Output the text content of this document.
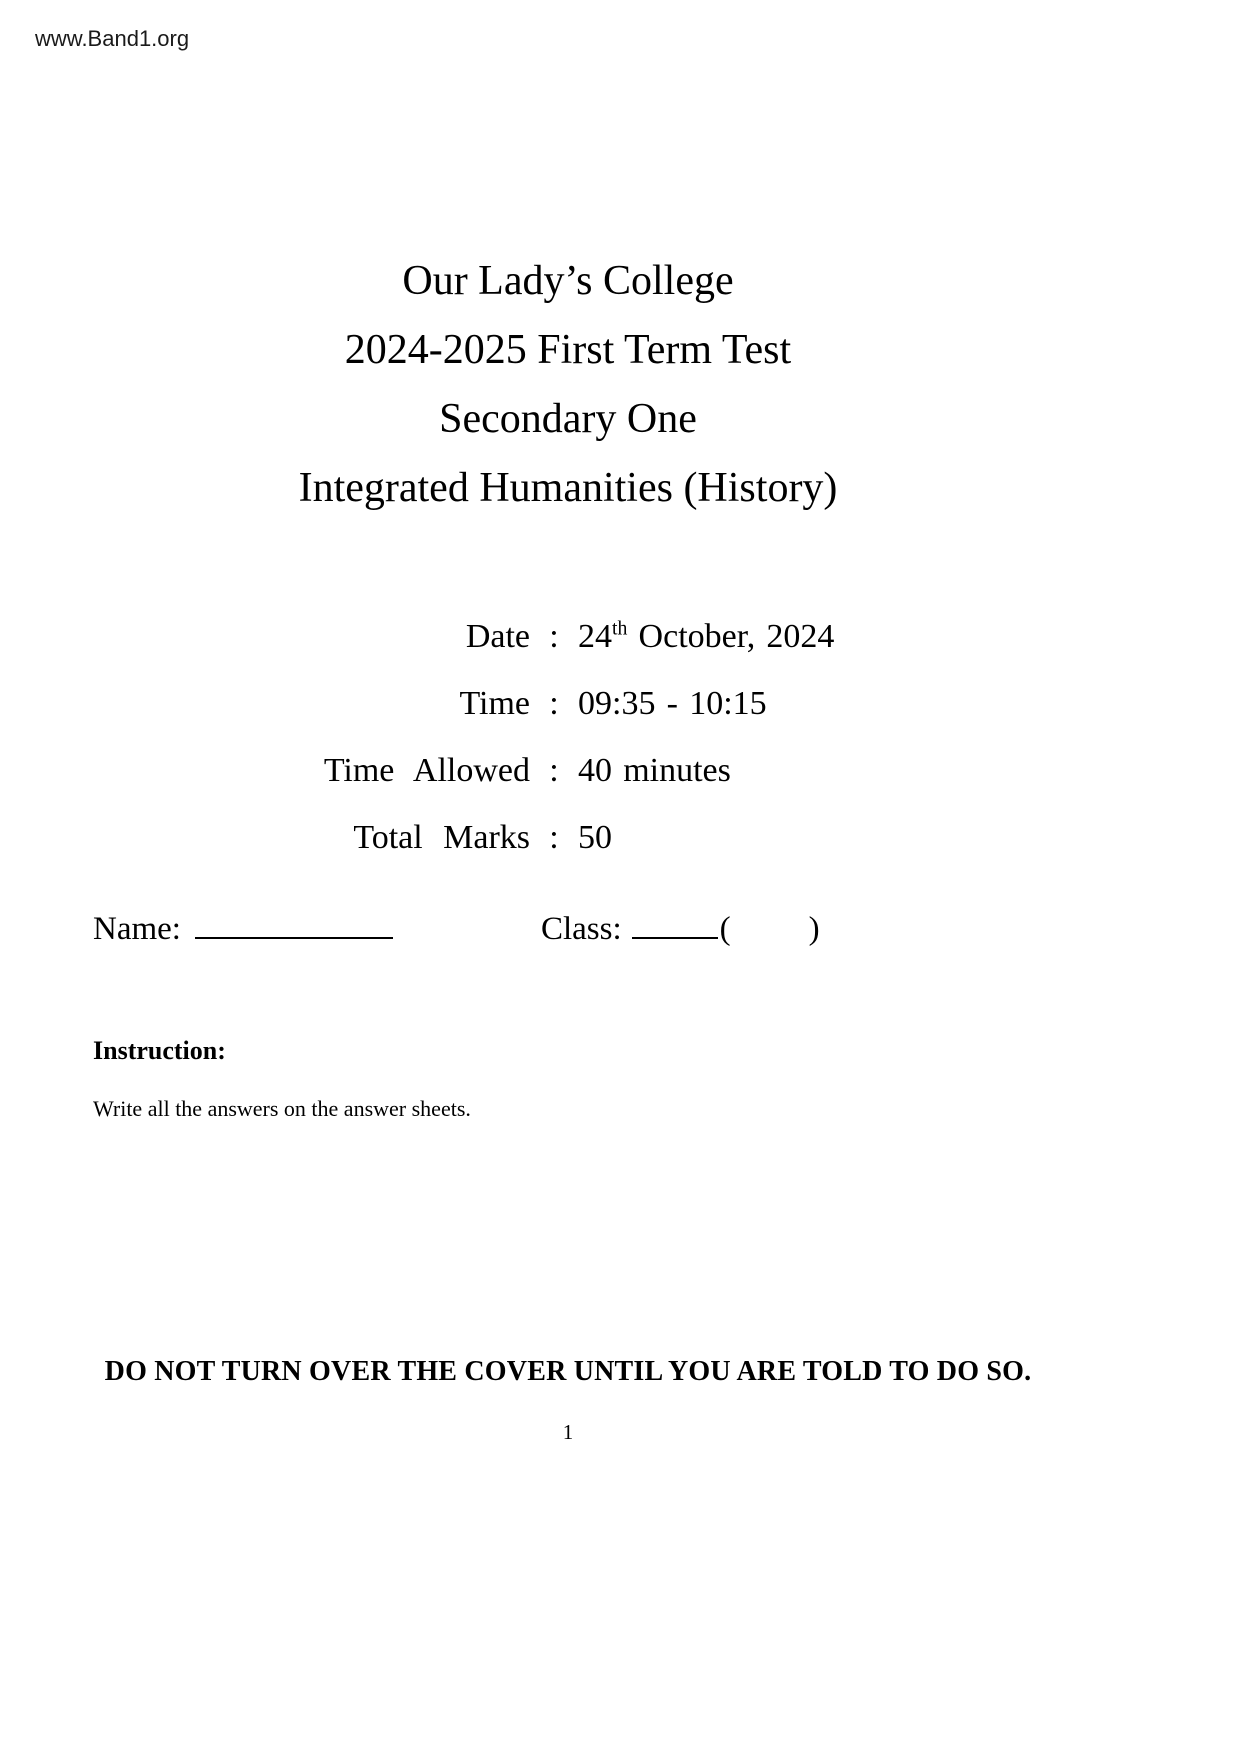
www.Band1.org
Our Lady’s College
2024-2025 First Term Test
Secondary One
Integrated Humanities (History)
Date : 24th October, 2024
Time : 09:35 - 10:15
Time Allowed : 40 minutes
Total Marks : 50
Name:	Class:	( )
Instruction:
Write all the answers on the answer sheets.
DO NOT TURN OVER THE COVER UNTIL YOU ARE TOLD TO DO SO.
1
